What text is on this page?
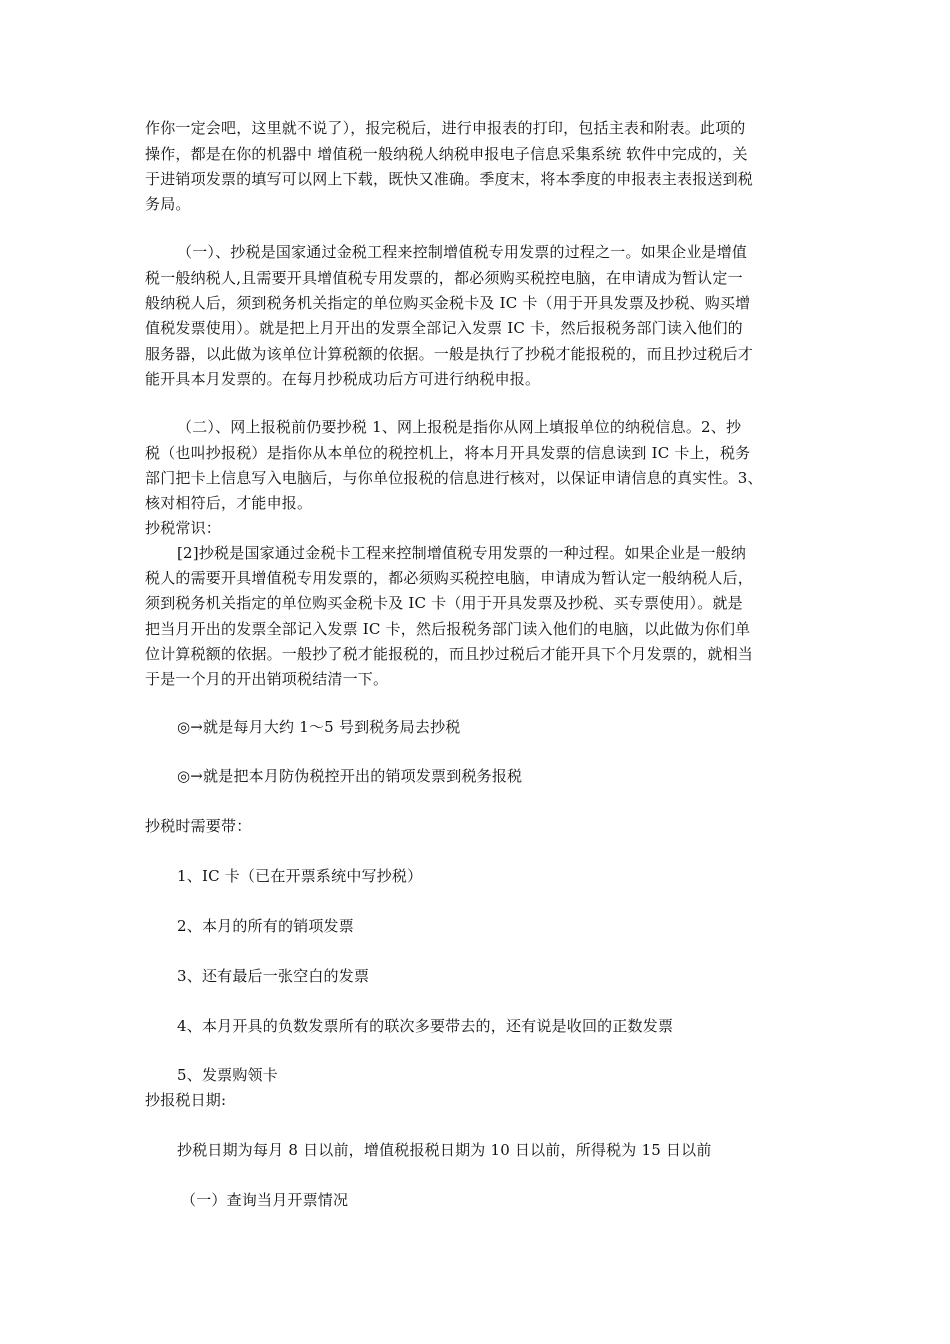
作你一定会吧，这里就不说了），报完税后，进行申报表的打印，包括主表和附表。此项的
操作，都是在你的机器中 增值税一般纳税人纳税申报电子信息采集系统 软件中完成的，关
于进销项发票的填写可以网上下载，既快又准确。季度末，将本季度的申报表主表报送到税
务局。
（一）、抄税是国家通过金税工程来控制增值税专用发票的过程之一。如果企业是增值
税一般纳税人,且需要开具增值税专用发票的，都必须购买税控电脑，在申请成为暂认定一
般纳税人后，须到税务机关指定的单位购买金税卡及 IC 卡（用于开具发票及抄税、购买增
值税发票使用）。就是把上月开出的发票全部记入发票 IC 卡，然后报税务部门读入他们的
服务器，以此做为该单位计算税额的依据。一般是执行了抄税才能报税的，而且抄过税后才
能开具本月发票的。在每月抄税成功后方可进行纳税申报。
（二）、网上报税前仍要抄税 1、网上报税是指你从网上填报单位的纳税信息。2、抄
税（也叫抄报税）是指你从本单位的税控机上，将本月开具发票的信息读到 IC 卡上，税务
部门把卡上信息写入电脑后，与你单位报税的信息进行核对，以保证申请信息的真实性。3、
核对相符后，才能申报。
抄税常识：
[2]抄税是国家通过金税卡工程来控制增值税专用发票的一种过程。如果企业是一般纳
税人的需要开具增值税专用发票的，都必须购买税控电脑，申请成为暂认定一般纳税人后，
须到税务机关指定的单位购买金税卡及 IC 卡（用于开具发票及抄税、买专票使用）。就是
把当月开出的发票全部记入发票 IC 卡，然后报税务部门读入他们的电脑，以此做为你们单
位计算税额的依据。一般抄了税才能报税的，而且抄过税后才能开具下个月发票的，就相当
于是一个月的开出销项税结清一下。
◎→就是每月大约 1～5 号到税务局去抄税
◎→就是把本月防伪税控开出的销项发票到税务报税
抄税时需要带：
1、IC 卡（已在开票系统中写抄税）
2、本月的所有的销项发票
3、还有最后一张空白的发票
4、本月开具的负数发票所有的联次多要带去的，还有说是收回的正数发票
5、发票购领卡
抄报税日期:
抄税日期为每月 8 日以前，增值税报税日期为 10 日以前，所得税为 15 日以前
（一）查询当月开票情况
